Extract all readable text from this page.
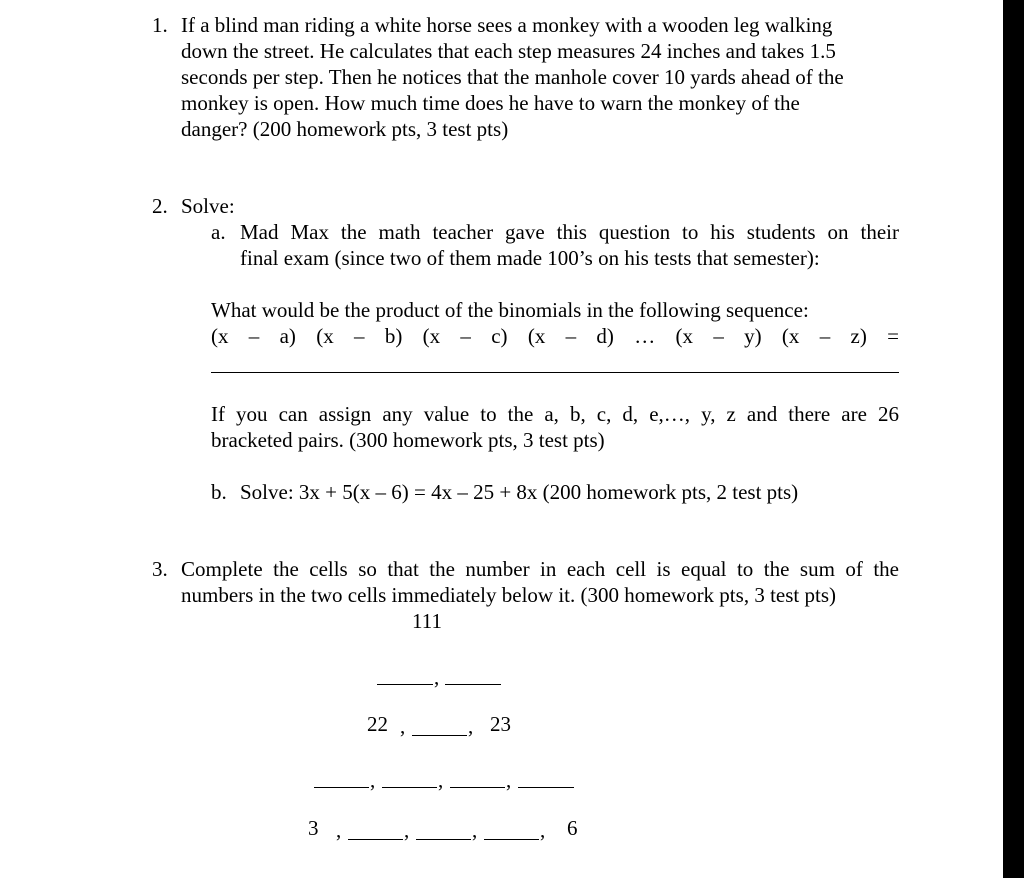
1. If a blind man riding a white horse sees a monkey with a wooden leg walking
down the street. He calculates that each step measures 24 inches and takes 1.5
seconds per step. Then he notices that the manhole cover 10 yards ahead of the
monkey is open. How much time does he have to warn the monkey of the
danger? (200 homework pts, 3 test pts)
2. Solve:
a. Mad Max the math teacher gave this question to his students on their
final exam (since two of them made 100’s on his tests that semester):
What would be the product of the binomials in the following sequence:
(x – a) (x – b) (x – c) (x – d) … (x – y) (x – z) =
If you can assign any value to the a, b, c, d, e,…, y, z and there are 26
bracketed pairs. (300 homework pts, 3 test pts)
b. Solve: 3x + 5(x – 6) = 4x – 25 + 8x (200 homework pts, 2 test pts)
3. Complete the cells so that the number in each cell is equal to the sum of the
numbers in the two cells immediately below it. (300 homework pts, 3 test pts)
111
,
22 ,	, 23
,	,	,
3 ,	,	,	, 6
